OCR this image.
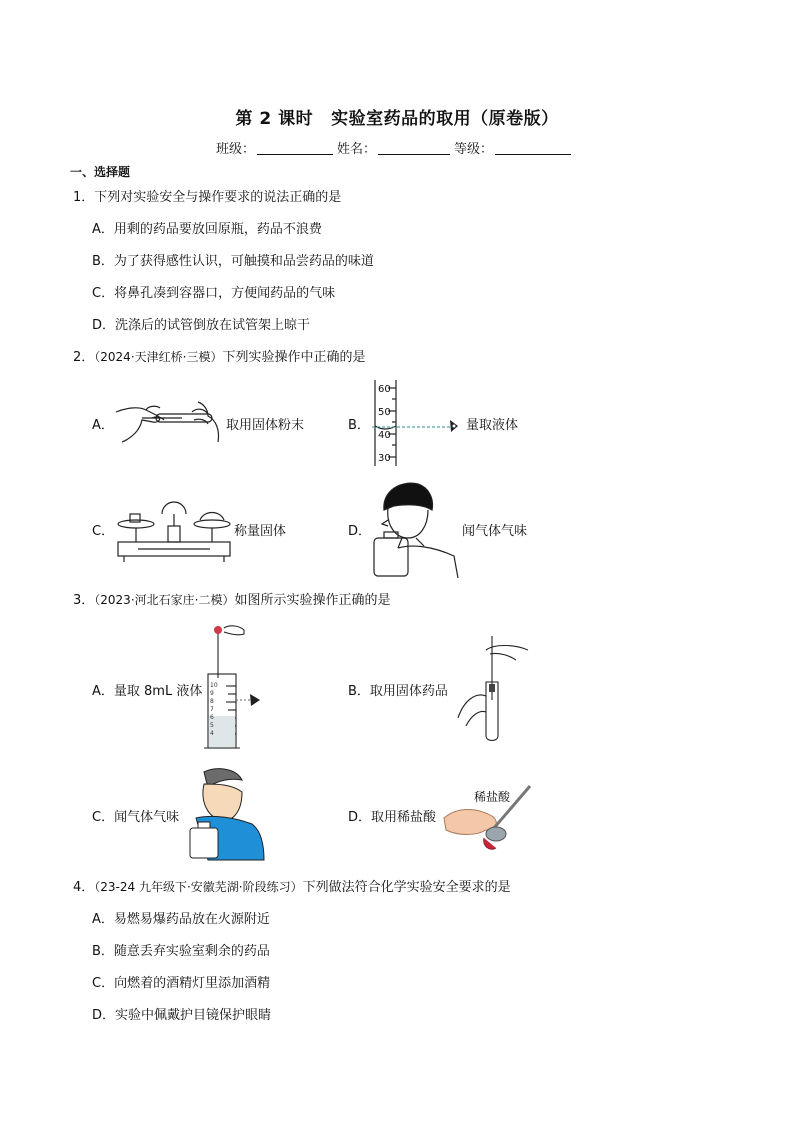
第 2 课时 实验室药品的取用（原卷版）
班级：	姓名：	等级：
一、选择题
1．下列对实验安全与操作要求的说法正确的是
A．用剩的药品要放回原瓶，药品不浪费
B．为了获得感性认识，可触摸和品尝药品的味道
C．将鼻孔凑到容器口，方便闻药品的气味
D．洗涤后的试管倒放在试管架上晾干
2．（2024·天津红桥·三模）下列实验操作中正确的是
A．	取用固体粉末	B．
60
50
40
30
量取液体
C．	称量固体	D．	闻气体气味
3．（2023·河北石家庄·二模）如图所示实验操作正确的是
A．量取 8mL 液体 10
9
8
7
6
5
4
B．取用固体药品
C．闻气体气味	D．取用稀盐酸
稀盐酸
4．（23-24 九年级下·安徽芜湖·阶段练习）下列做法符合化学实验安全要求的是
A．易燃易爆药品放在火源附近
B．随意丢弃实验室剩余的药品
C．向燃着的酒精灯里添加酒精
D．实验中佩戴护目镜保护眼睛
